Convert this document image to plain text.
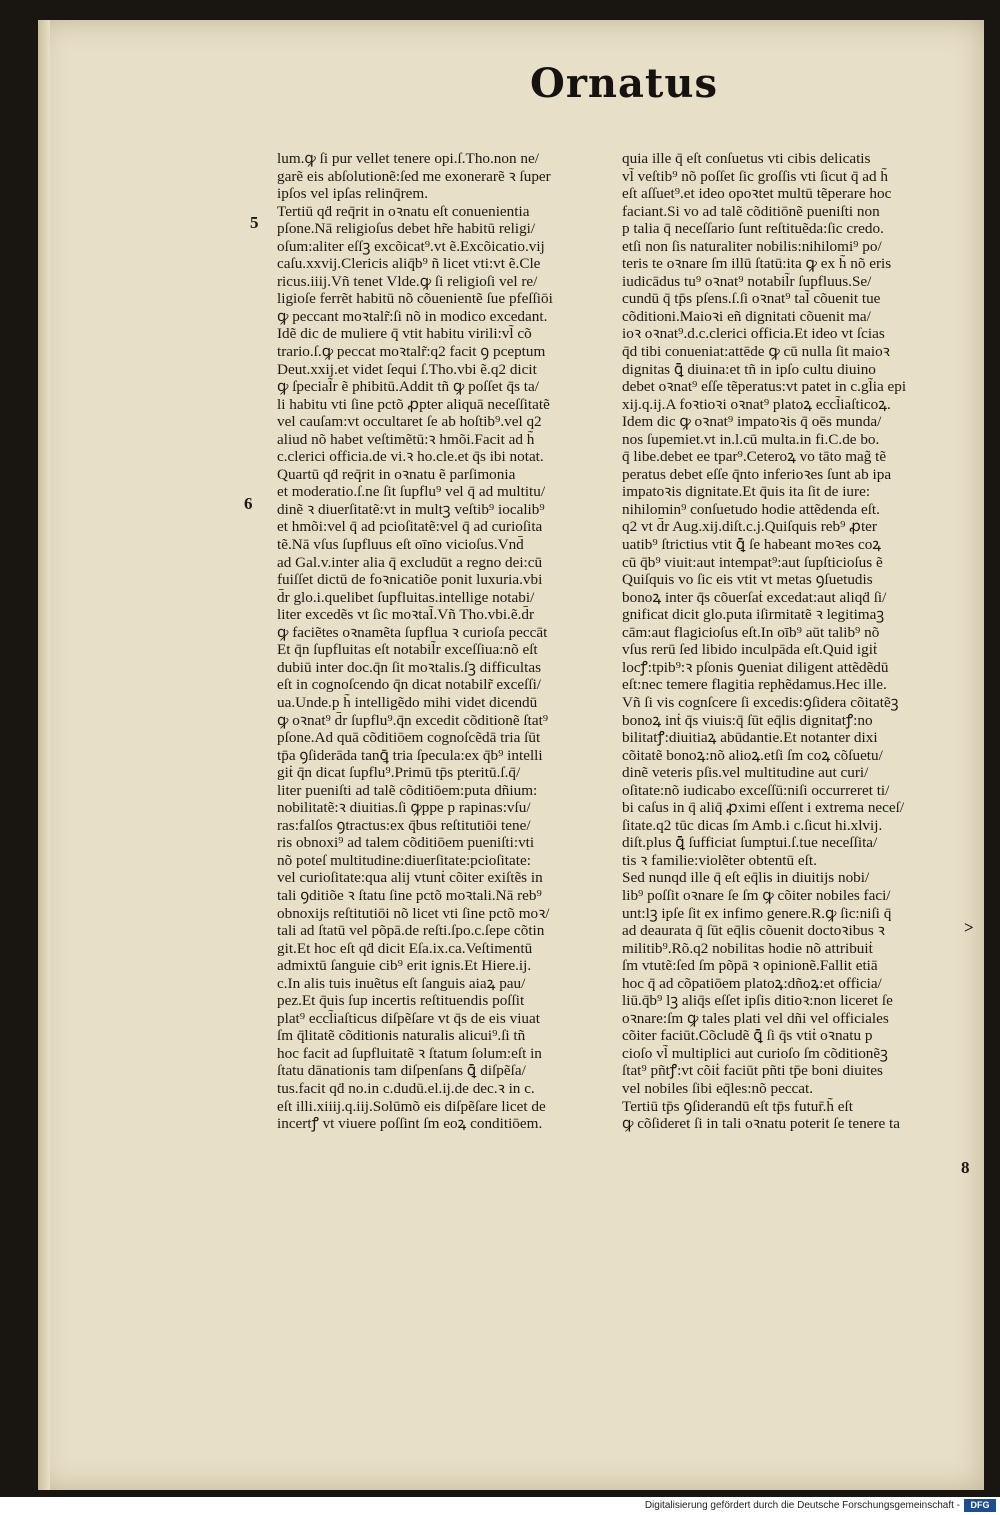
Ornatus
lum.ꝙ ſi pur vellet tenere opi.ſ.Tho.non ne/
garẽ eis abſolutionẽ:ſed me exonerarẽ ꝛ ſuper
ipſos vel ipſas relinq̄rem.
Tertiū qḋ req̄rit in oꝛnatu eſt conuenientia
pſone.Nā religioſus debet hr̃e habitū religi/
oſum:aliter eſſꝫ excõicat⁹.vt ẽ.Excõicatio.vij
caſu.xxvij.Clericis aliq̄b⁹ ñ licet vti:vt ẽ.Cle
ricus.iiij.Vñ tenet Vlde.ꝙ ſi religioſi vel re/
ligioſe ferrẽt habitū nõ cõuenientẽ ſue pfeſſiōi
ꝙ peccant moꝛtalr̃:ſi nõ in modico excedant.
Idẽ dic de muliere q̄ vtit habitu virili:vl̃ cõ
trario.ſ.ꝙ peccat moꝛtalr̃:q2 facit ꝯ pceptum
Deut.xxij.et videt ſequi ſ.Tho.vbi ẽ.q2 dicit
ꝙ ſpecial̃r ẽ phibitū.Addit tñ ꝙ poſſet q̄s ta/
li habitu vti ſine pctõ ꝓpter aliquā neceſſitatẽ
vel cauſam:vt occultaret ſe ab hoſtib⁹.vel q2
aliud nõ habet veſtimẽtū:ꝛ hmõi.Facit ad h̃
c.clerici officia.de vi.ꝛ ho.cle.et q̄s ibi notat.
Quartū qḋ req̄rit in oꝛnatu ẽ parſimonia
et moderatio.ſ.ne ſit ſupflu⁹ vel q̄ ad multitu/
dinẽ ꝛ diuerſitatẽ:vt in multꝫ veſtib⁹ iocalib⁹
et hmõi:vel q̄ ad pcioſitatẽ:vel q̄ ad curioſita
tẽ.Nā vſus ſupfluus eſt oīno vicioſus.Vnd̄
ad Gal.v.inter alia q̄ excludūt a regno dei:cū
fuiſſet dictū de foꝛnicatiõe ponit luxuria.vbi
d̄r glo.i.quelibet ſupfluitas.intellige notabi/
liter excedẽs vt ſic moꝛtal̃.Vñ Tho.vbi.ẽ.d̄r
ꝙ faciẽtes oꝛnamẽta ſupflua ꝛ curioſa peccāt
Et q̄n ſupfluitas eſt notabil̃r exceſſiua:nõ eſt
dubiū inter doc.q̄n ſit moꝛtalis.ſꝫ difficultas
eſt in cognoſcendo q̄n dicat notabilr̃ exceſſi/
ua.Unde.p h̃ intelligẽdo mihi videt dicendū
ꝙ oꝛnat⁹ d̄r ſupflu⁹.q̄n excedit cõditionẽ ſtat⁹
pſone.Ad quā cõditiōem cognoſcẽdā tria ſūt
tp̄a ꝯſiderāda tanꝗ̄ tria ſpecula:ex q̄b⁹ intelli
giṫ q̄n dicat ſupflu⁹.Primū tp̄s pteritū.ſ.q̄/
liter pueniſti ad talẽ cõditiōem:puta dñium:
nobilitatẽ:ꝛ diuitias.ſi ꝙppe p rapinas:vſu/
ras:falſos ꝯtractus:ex q̄bus reſtitutiōi tene/
ris obnoxi⁹ ad talem cõditiōem pueniſti:vti
nõ poteſ multitudine:diuerſitate:pcioſitate:
vel curioſitate:qua alij vtunṫ cõiter exiſtẽs in
tali ꝯditiõe ꝛ ſtatu ſine pctõ moꝛtali.Nā reb⁹
obnoxijs reſtitutiōi nõ licet vti ſine pctõ moꝛ/
tali ad ſtatū vel põpā.de reſti.ſpo.c.ſepe cõtin
git.Et hoc eſt qḋ dicit Eſa.ix.ca.Veſtimentū
admixtū ſanguie cib⁹ erit ignis.Et Hiere.ij.
c.In alis tuis inuẽtus eſt ſanguis aiaꝝ pau/
pez.Et q̄uis ſup incertis reſtituendis poſſit
plat⁹ eccl̃iaſticus diſpẽſare vt q̄s de eis viuat
ſm q̄litatẽ cõditionis naturalis alicui⁹.ſi tñ
hoc facit ad ſupfluitatẽ ꝛ ſtatum ſolum:eſt in
ſtatu dānationis tam diſpenſans ꝗ̄ diſpẽſa/
tus.facit qḋ no.in c.dudū.el.ij.de dec.ꝛ in c.
eſt illi.xiiij.q.iij.Solūmõ eis diſpẽſare licet de
incertꝭ vt viuere poſſint ſm eoꝝ conditiōem.
quia ille q̄ eſt conſuetus vti cibis delicatis
vl̃ veſtib⁹ nõ poſſet ſic groſſis vti ſicut q̄ ad h̃
eſt aſſuet⁹.et ideo opoꝛtet multū tẽperare hoc
faciant.Si vo ad talẽ cõditiōnẽ pueniſti non
p talia q̄ neceſſario ſunt reſtituẽda:ſic credo.
etſi non ſis naturaliter nobilis:nihilomi⁹ po/
teris te oꝛnare ſm illū ſtatū:ita ꝙ ex h̃ nõ eris
iudicādus tu⁹ oꝛnat⁹ notabil̃r ſupfluus.Se/
cundū q̄ tp̄s pſens.ſ.ſi oꝛnat⁹ tal̃ cõuenit tue
cõditioni.Maioꝛi eñ dignitati cõuenit ma/
ioꝛ oꝛnat⁹.d.c.clerici officia.Et ideo vt ſcias
q̄d tibi conueniat:attēde ꝙ cū nulla ſit maioꝛ
dignitas ꝗ̄ diuina:et tñ in ipſo cultu diuino
debet oꝛnat⁹ eſſe tẽperatus:vt patet in c.gl̃ia epi
xij.q.ij.A foꝛtioꝛi oꝛnat⁹ platoꝝ eccl̃iaſticoꝝ.
Idem dic ꝙ oꝛnat⁹ impatoꝛis q̄ oēs munda/
nos ſupemiet.vt in.l.cū multa.in fi.C.de bo.
q̄ libe.debet ee tpar⁹.Ceteroꝝ vo tāto mag̃ tẽ
peratus debet eſſe q̄nto inferioꝛes ſunt ab ipa
impatoꝛis dignitate.Et q̄uis ita ſit de iure:
nihilomin⁹ conſuetudo hodie attẽdenda eſt.
q2 vt d̄r Aug.xij.diſt.c.j.Quiſquis reb⁹ ꝓter
uatib⁹ ſtrictius vtit ꝗ̄ ſe habeant moꝛes coꝝ
cū q̄b⁹ viuit:aut intempat⁹:aut ſupſticioſus ẽ
Quiſquis vo ſic eis vtit vt metas ꝯſuetudis
bonoꝝ inter q̄s cõuerſaṫ excedat:aut aliqḋ ſi/
gnificat dicit glo.puta iſirmitatẽ ꝛ legitimaꝫ
cām:aut flagicioſus eſt.In oīb⁹ aūt talib⁹ nõ
vſus rerū ſed libido inculpāda eſt.Quid igiṫ
locꝭ:tpib⁹:ꝛ pſonis ꝯueniat diligent attẽdẽdū
eſt:nec temere flagitia rephẽdamus.Hec ille.
Vñ ſi vis cognſcere ſi excedis:ꝯſidera cõitatẽꝫ
bonoꝝ inṫ q̄s viuis:q̄ ſūt eq̄lis dignitatꝭ:no
bilitatꝭ:diuitiaꝝ abūdantie.Et notanter dixi
cõitatẽ bonoꝝ:nõ alioꝝ.etſi ſm coꝝ cõſuetu/
dinẽ veteris pſis.vel multitudine aut curi/
oſitate:nõ iudicabo exceſſū:niſi occurreret ti/
bi caſus in q̄ aliq̄ ꝓximi eſſent i extrema neceſ/
ſitate.q2 tūc dicas ſm Amb.i c.ſicut hi.xlvij.
diſt.plus ꝗ̄ ſufficiat ſumptui.ſ.tue neceſſita/
tis ꝛ familie:violẽter obtentū eſt.
Sed nunqd ille q̄ eſt eq̄lis in diuitijs nobi/
lib⁹ poſſit oꝛnare ſe ſm ꝙ cõiter nobiles faci/
unt:lꝫ ipſe ſit ex infimo genere.R.ꝙ ſic:niſi q̄
ad deaurata q̄ ſūt eq̄lis cõuenit doctoꝛibus ꝛ
militib⁹.Rõ.q2 nobilitas hodie nõ attribuiṫ
ſm vtutẽ:ſed ſm põpā ꝛ opinionẽ.Fallit etiā
hoc q̄ ad cõpatiōem platoꝝ:dñoꝝ:et officia/
liū.q̄b⁹ lꝫ aliq̄s eſſet ipſis ditioꝛ:non liceret ſe
oꝛnare:ſm ꝙ tales plati vel dñi vel officiales
cõiter faciūt.Cõcludẽ ꝗ̄ ſi q̄s vtiṫ oꝛnatu p
cioſo vl̃ multiplici aut curioſo ſm cõditionẽꝫ
ſtat⁹ pñtꝭ:vt cõiṫ faciūt pñti tp̄e boni diuites
vel nobiles ſibi eq̄les:nõ peccat.
Tertiū tp̄s ꝯſiderandū eſt tp̄s futur̄.h̃ eſt
ꝙ cõſideret ſi in tali oꝛnatu poterit ſe tenere ta
5
6
>
8
Digitalisierung gefördert durch die Deutsche Forschungsgemeinschaft -	DFG
